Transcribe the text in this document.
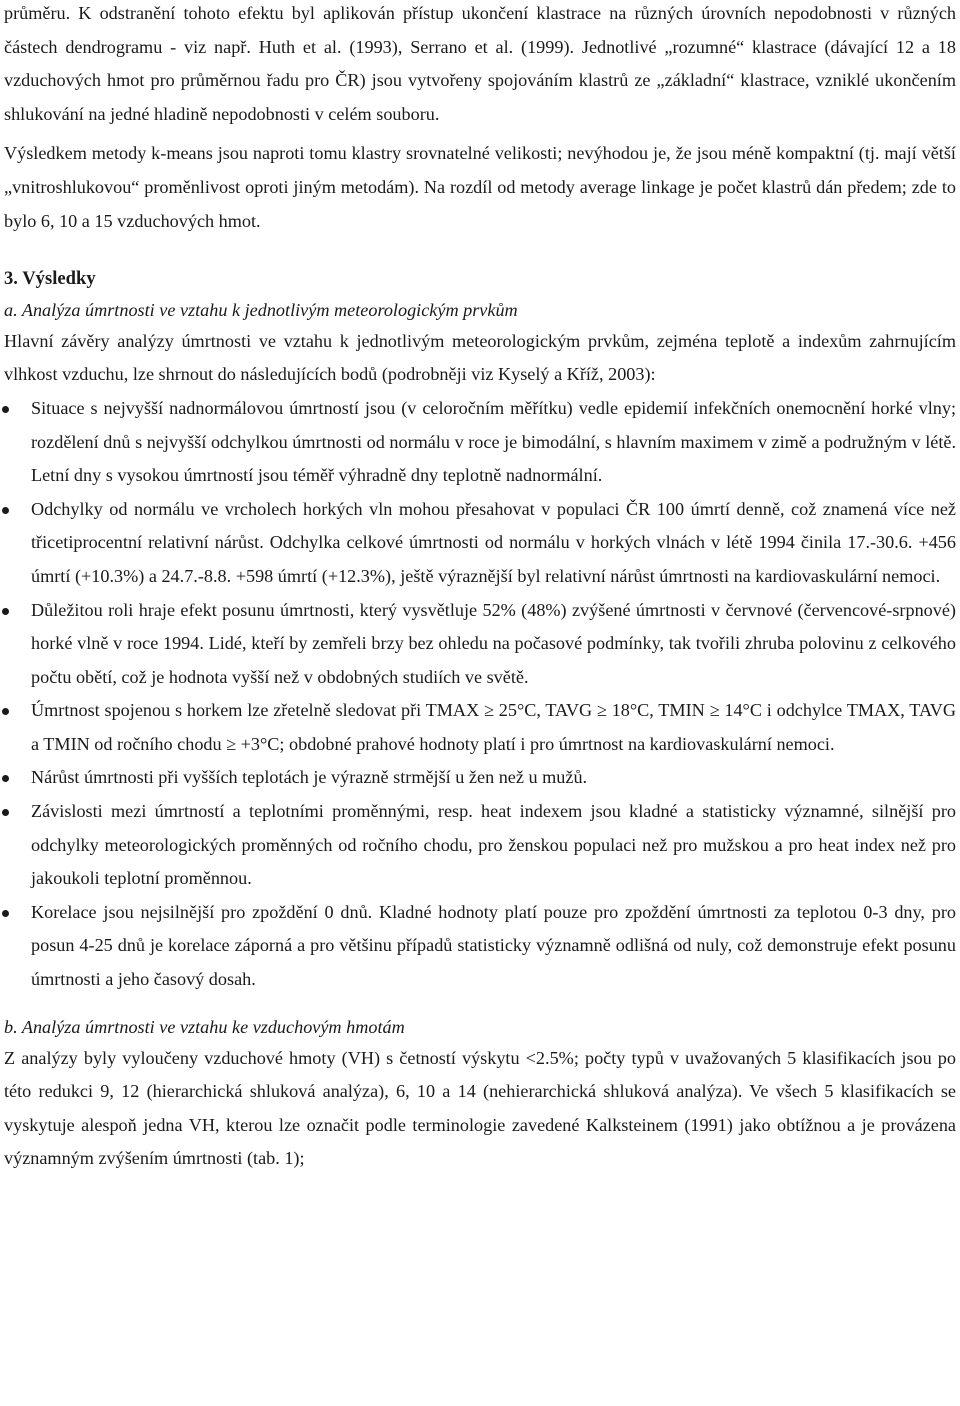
průměru. K odstranění tohoto efektu byl aplikován přístup ukončení klastrace na různých úrovních nepodobnosti v různých částech dendrogramu - viz např. Huth et al. (1993), Serrano et al. (1999). Jednotlivé „rozumné“ klastrace (dávající 12 a 18 vzduchových hmot pro průměrnou řadu pro ČR) jsou vytvořeny spojováním klastrů ze „základní“ klastrace, vzniklé ukončením shlukování na jedné hladině nepodobnosti v celém souboru.

Výsledkem metody k-means jsou naproti tomu klastry srovnatelné velikosti; nevýhodou je, že jsou méně kompaktní (tj. mají větší „vnitroshlukovou“ proměnlivost oproti jiným metodám). Na rozdíl od metody average linkage je počet klastrů dán předem; zde to bylo 6, 10 a 15 vzduchových hmot.

3. Výsledky

a. Analýza úmrtnosti ve vztahu k jednotlivým meteorologickým prvkům

Hlavní závěry analýzy úmrtnosti ve vztahu k jednotlivým meteorologickým prvkům, zejména teplotě a indexům zahrnujícím vlhkost vzduchu, lze shrnout do následujících bodů (podrobněji viz Kyselý a Kříž, 2003):

Situace s nejvyšší nadnormálovou úmrtností jsou (v celoročním měřítku) vedle epidemií infekčních onemocnění horké vlny; rozdělení dnů s nejvyšší odchylkou úmrtnosti od normálu v roce je bimodální, s hlavním maximem v zimě a podružným v létě. Letní dny s vysokou úmrtností jsou téměř výhradně dny teplotně nadnormální.
Odchylky od normálu ve vrcholech horkých vln mohou přesahovat v populaci ČR 100 úmrtí denně, což znamená více než třicetiprocentní relativní nárůst. Odchylka celkové úmrtnosti od normálu v horkých vlnách v létě 1994 činila 17.-30.6. +456 úmrtí (+10.3%) a 24.7.-8.8. +598 úmrtí (+12.3%), ještě výraznější byl relativní nárůst úmrtnosti na kardiovaskulární nemoci.
Důležitou roli hraje efekt posunu úmrtnosti, který vysvětluje 52% (48%) zvýšené úmrtnosti v červnové (červencové-srpnové) horké vlně v roce 1994. Lidé, kteří by zemřeli brzy bez ohledu na počasové podmínky, tak tvořili zhruba polovinu z celkového počtu obětí, což je hodnota vyšší než v obdobných studiích ve světě.
Úmrtnost spojenou s horkem lze zřetelně sledovat při TMAX ≥ 25°C, TAVG ≥ 18°C, TMIN ≥ 14°C i odchylce TMAX, TAVG a TMIN od ročního chodu ≥ +3°C; obdobné prahové hodnoty platí i pro úmrtnost na kardiovaskulární nemoci.
Nárůst úmrtnosti při vyšších teplotách je výrazně strmější u žen než u mužů.
Závislosti mezi úmrtností a teplotními proměnnými, resp. heat indexem jsou kladné a statisticky významné, silnější pro odchylky meteorologických proměnných od ročního chodu, pro ženskou populaci než pro mužskou a pro heat index než pro jakoukoli teplotní proměnnou.
Korelace jsou nejsilnější pro zpoždění 0 dnů. Kladné hodnoty platí pouze pro zpoždění úmrtnosti za teplotou 0-3 dny, pro posun 4-25 dnů je korelace záporná a pro většinu případů statisticky významně odlišná od nuly, což demonstruje efekt posunu úmrtnosti a jeho časový dosah.

b. Analýza úmrtnosti ve vztahu ke vzduchovým hmotám

Z analýzy byly vyloučeny vzduchové hmoty (VH) s četností výskytu <2.5%; počty typů v uvažovaných 5 klasifikacích jsou po této redukci 9, 12 (hierarchická shluková analýza), 6, 10 a 14 (nehierarchická shluková analýza). Ve všech 5 klasifikacích se vyskytuje alespoň jedna VH, kterou lze označit podle terminologie zavedené Kalksteinem (1991) jako obtížnou a je provázena významným zvýšením úmrtnosti (tab. 1);
